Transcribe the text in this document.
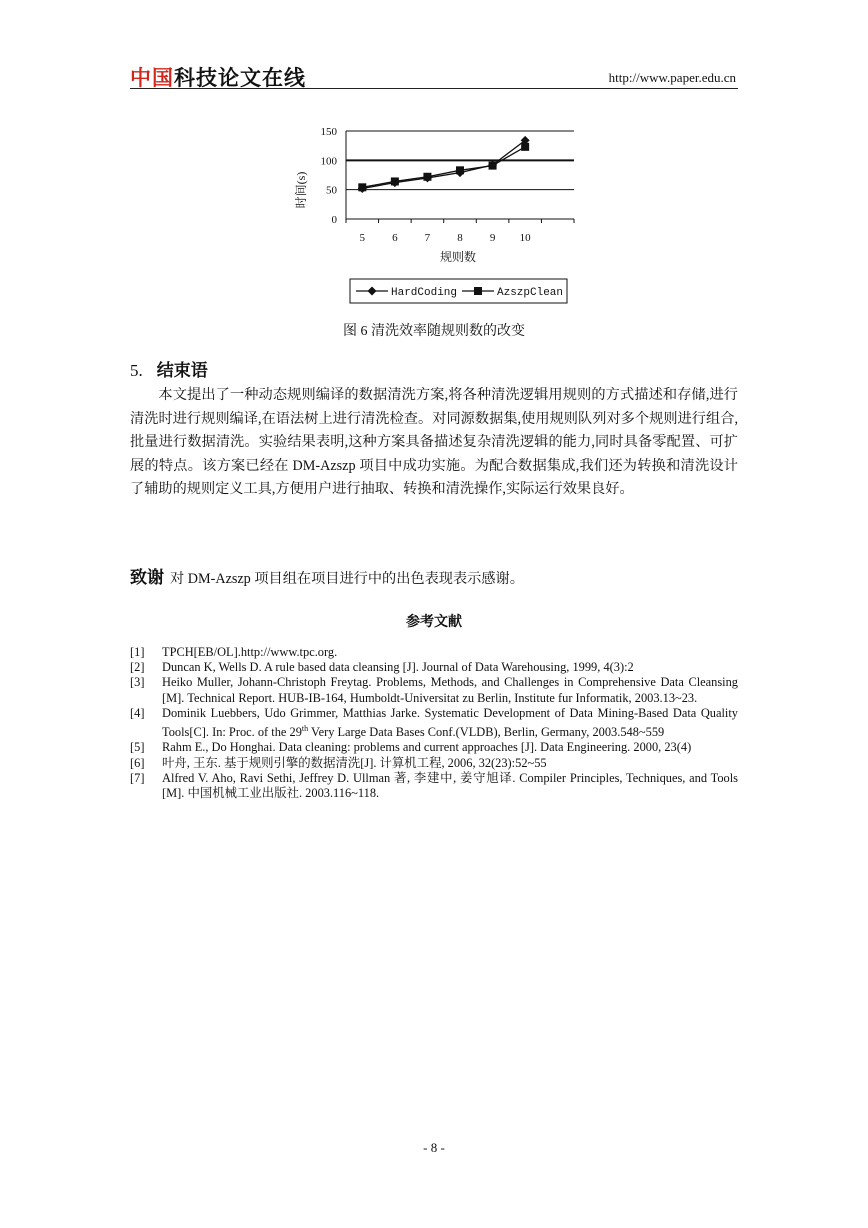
中国科技论文在线	http://www.paper.edu.cn
0
50
100
150
5 6 7 8 9 10
时间(s)
规则数
HardCoding	AzszpClean
图 6 清洗效率随规则数的改变
5. 结束语

本文提出了一种动态规则编译的数据清洗方案,将各种清洗逻辑用规则的方式描述和存储,进行清洗时进行规则编译,在语法树上进行清洗检查。对同源数据集,使用规则队列对多个规则进行组合,批量进行数据清洗。实验结果表明,这种方案具备描述复杂清洗逻辑的能力,同时具备零配置、可扩展的特点。该方案已经在 DM-Azszp 项目中成功实施。为配合数据集成,我们还为转换和清洗设计了辅助的规则定义工具,方便用户进行抽取、转换和清洗操作,实际运行效果良好。

致谢 对 DM-Azszp 项目组在项目进行中的出色表现表示感谢。
参考文献
[1]	TPCH[EB/OL].http://www.tpc.org.
[2]	Duncan K, Wells D. A rule based data cleansing [J]. Journal of Data Warehousing, 1999, 4(3):2
[3]	Heiko Muller, Johann-Christoph Freytag. Problems, Methods, and Challenges in Comprehensive Data Cleansing [M]. Technical Report. HUB-IB-164, Humboldt-Universitat zu Berlin, Institute fur Informatik, 2003.13~23.
[4]	Dominik Luebbers, Udo Grimmer, Matthias Jarke. Systematic Development of Data Mining-Based Data Quality Tools[C]. In: Proc. of the 29th Very Large Data Bases Conf.(VLDB), Berlin, Germany, 2003.548~559
[5]	Rahm E., Do Honghai. Data cleaning: problems and current approaches [J]. Data Engineering. 2000, 23(4)
[6]	叶舟, 王东. 基于规则引擎的数据清洗[J]. 计算机工程, 2006, 32(23):52~55
[7]	Alfred V. Aho, Ravi Sethi, Jeffrey D. Ullman 著, 李建中, 姜守旭译. Compiler Principles, Techniques, and Tools [M]. 中国机械工业出版社. 2003.116~118.
- 8 -
